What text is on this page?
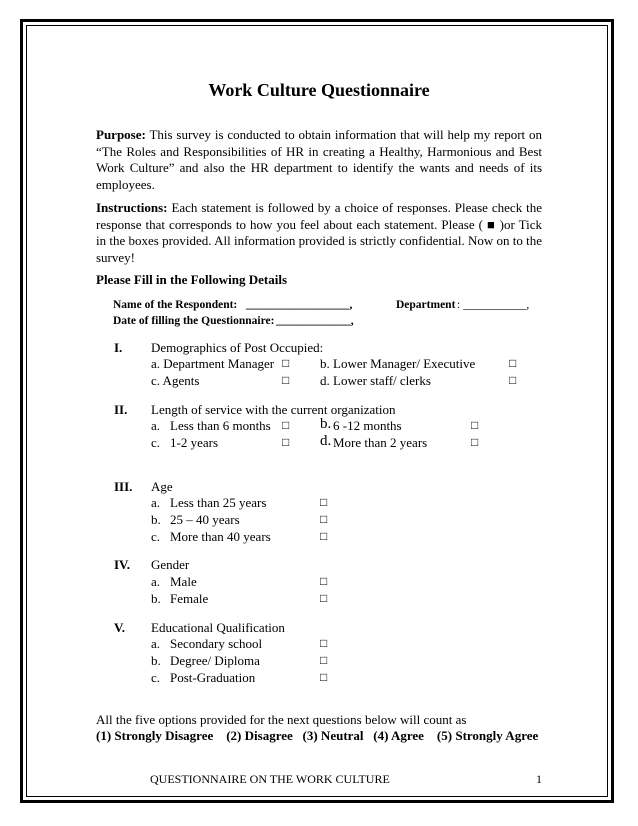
Work Culture Questionnaire
Purpose: This survey is conducted to obtain information that will help my report on “The Roles and Responsibilities of HR in creating a Healthy, Harmonious and Best Work Culture” and also the HR department to identify the wants and needs of its employees.
Instructions: Each statement is followed by a choice of responses. Please check the response that corresponds to how you feel about each statement. Please ( ■ )or Tick in the boxes provided. All information provided is strictly confidential. Now on to the survey!
Please Fill in the Following Details
Name of the Respondent: __________________,	Department : ___________,
Date of filling the Questionnaire: _____________,
I. Demographics of Post Occupied:
a. Department Manager □ b. Lower Manager/ Executive	□
c. Agents	□ d. Lower staff/ clerks	□
II. Length of service with the current organization
a. Less than 6 months □ b. 6 -12 months	□
c. 1-2 years	□ d. More than 2 years	□
III. Age
a. Less than 25 years	□
b. 25 – 40 years	□
c. More than 40 years	□
IV. Gender
a. Male	□
b. Female	□
V. Educational Qualification
a. Secondary school	□
b. Degree/ Diploma	□
c. Post-Graduation	□
All the five options provided for the next questions below will count as
(1) Strongly Disagree    (2) Disagree   (3) Neutral   (4) Agree    (5) Strongly Agree
QUESTIONNAIRE ON THE WORK CULTURE	1
